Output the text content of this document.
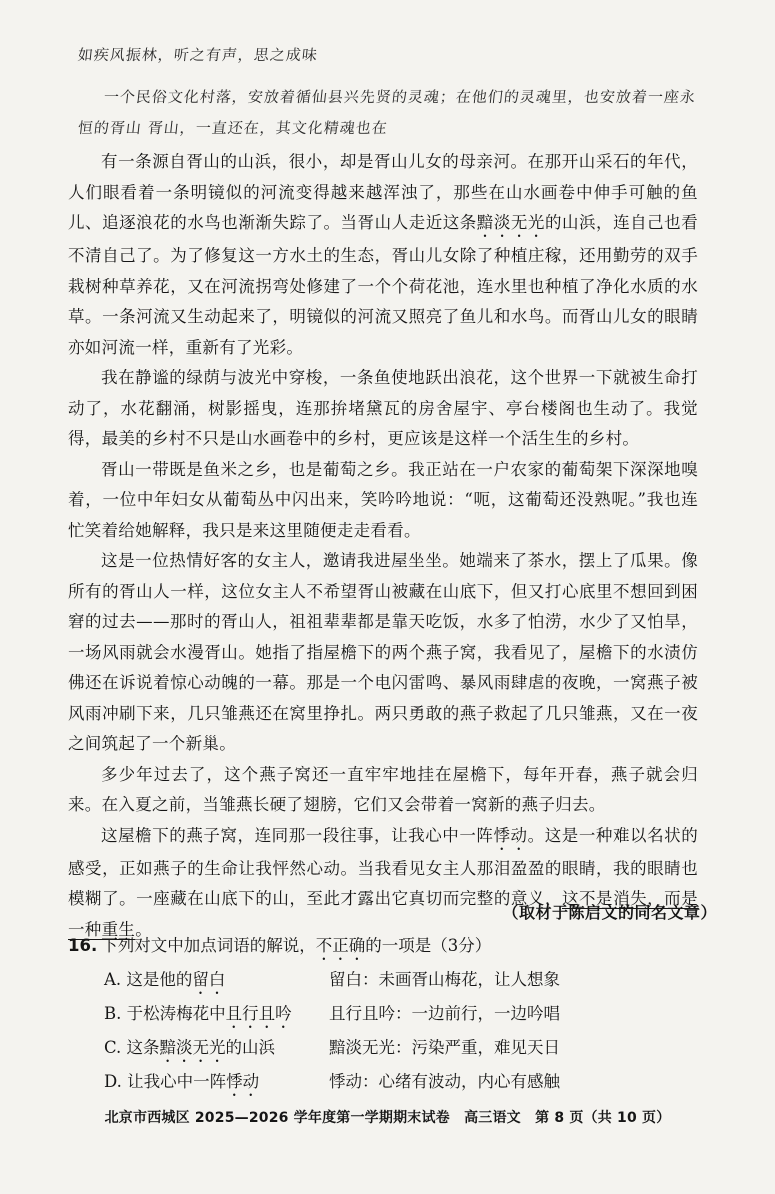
如疾风振林，听之有声，思之成味
一个民俗文化村落，安放着循仙县兴先贤的灵魂；在他们的灵魂里，也安放着一座永
恒的胥山 胥山，一直还在，其文化精魂也在

有一条源自胥山的山浜，很小，却是胥山儿女的母亲河。在那开山采石的年代，人们眼看着一条明镜似的河流变得越来越浑浊了，那些在山水画卷中伸手可触的鱼儿、追逐浪花的水鸟也渐渐失踪了。当胥山人走近这条黯淡无光的山浜，连自己也看不清自己了。为了修复这一方水土的生态，胥山儿女除了种植庄稼，还用勤劳的双手栽树种草养花，又在河流拐弯处修建了一个个荷花池，连水里也种植了净化水质的水草。一条河流又生动起来了，明镜似的河流又照亮了鱼儿和水鸟。而胥山儿女的眼睛亦如河流一样，重新有了光彩。

我在静谧的绿荫与波光中穿梭，一条鱼使地跃出浪花，这个世界一下就被生命打动了，水花翻涌，树影摇曳，连那拚堵黛瓦的房舍屋宇、亭台楼阁也生动了。我觉得，最美的乡村不只是山水画卷中的乡村，更应该是这样一个活生生的乡村。

胥山一带既是鱼米之乡，也是葡萄之乡。我正站在一户农家的葡萄架下深深地嗅着，一位中年妇女从葡萄丛中闪出来，笑吟吟地说：“呃，这葡萄还没熟呢。”我也连忙笑着给她解释，我只是来这里随便走走看看。

这是一位热情好客的女主人，邀请我进屋坐坐。她端来了茶水，摆上了瓜果。像所有的胥山人一样，这位女主人不希望胥山被藏在山底下，但又打心底里不想回到困窘的过去——那时的胥山人，祖祖辈辈都是靠天吃饭，水多了怕涝，水少了又怕旱，一场风雨就会水漫胥山。她指了指屋檐下的两个燕子窝，我看见了，屋檐下的水渍仿佛还在诉说着惊心动魄的一幕。那是一个电闪雷鸣、暴风雨肆虐的夜晚，一窝燕子被风雨冲刷下来，几只雏燕还在窝里挣扎。两只勇敢的燕子救起了几只雏燕，又在一夜之间筑起了一个新巢。

多少年过去了，这个燕子窝还一直牢牢地挂在屋檐下，每年开春，燕子就会归来。在入夏之前，当雏燕长硬了翅膀，它们又会带着一窝新的燕子归去。

这屋檐下的燕子窝，连同那一段往事，让我心中一阵悸动。这是一种难以名状的感受，正如燕子的生命让我怦然心动。当我看见女主人那泪盈盈的眼睛，我的眼睛也模糊了。一座藏在山底下的山，至此才露出它真切而完整的意义，这不是消失，而是一种重生。

（取材于陈启文的同名文章）

16. 下列对文中加点词语的解说，不正确的一项是（3分）

A. 这是他的留白	留白：未画胥山梅花，让人想象
B. 于松涛梅花中且行且吟	且行且吟：一边前行，一边吟唱
C. 这条黯淡无光的山浜	黯淡无光：污染严重，难见天日
D. 让我心中一阵悸动	悸动：心绪有波动，内心有感触
北京市西城区 2025—2026 学年度第一学期期末试卷　高三语文　第 8 页（共 10 页）
